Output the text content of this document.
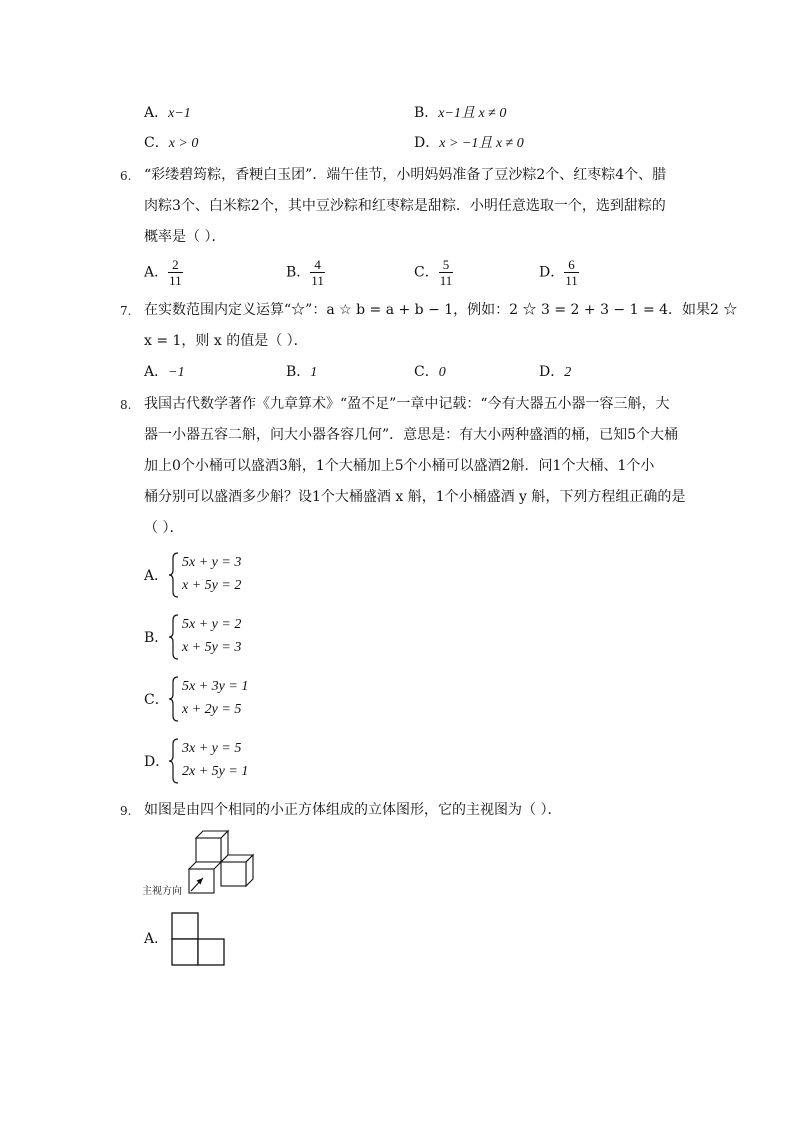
A．x−1	B．x−1且 x ≠ 0
C．x > 0	D．x > −1且 x ≠ 0
6. “彩缕碧筠粽，香粳白玉团”．端午佳节，小明妈妈准备了豆沙粽2个、红枣粽4个、腊
肉粽3个、白米粽2个，其中豆沙粽和红枣粽是甜粽．小明任意选取一个，选到甜粽的
概率是（ ）．
A． $\frac{2}{11}$	B． $\frac{4}{11}$	C． $\frac{5}{11}$	D． $\frac{6}{11}$
7. 在实数范围内定义运算“☆”：a ☆ b = a + b − 1，例如：2 ☆ 3 = 2 + 3 − 1 = 4．如果2 ☆
x = 1，则 x 的值是（ ）．
A．−1	B．1	C．0	D．2
8. 我国古代数学著作《九章算术》“盈不足”一章中记载：“今有大器五小器一容三斛，大
器一小器五容二斛，问大小器各容几何”．意思是：有大小两种盛酒的桶，已知5个大桶
加上0个小桶可以盛酒3斛，1个大桶加上5个小桶可以盛酒2斛．问1个大桶、1个小
桶分别可以盛酒多少斛？设1个大桶盛酒 x 斛，1个小桶盛酒 y 斛，下列方程组正确的是
（ ）．
A．
5x + y = 3
x + 5y = 2
B．
5x + y = 2
x + 5y = 3
C．
5x + 3y = 1
x + 2y = 5
D．
3x + y = 5
2x + 5y = 1
9. 如图是由四个相同的小正方体组成的立体图形，它的主视图为（ ）．
主视方向
A．
